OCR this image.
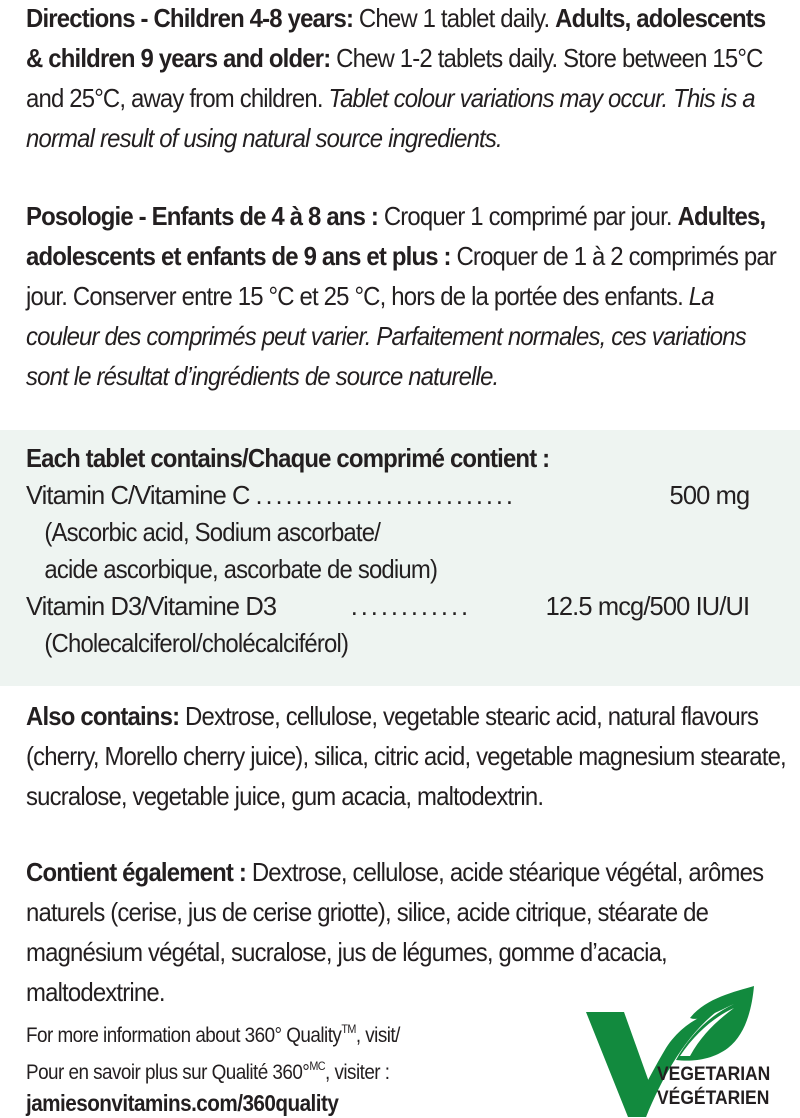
Directions - Children 4-8 years: Chew 1 tablet daily. Adults, adolescents & children 9 years and older: Chew 1-2 tablets daily. Store between 15°C and 25°C, away from children. Tablet colour variations may occur. This is a normal result of using natural source ingredients.
Posologie - Enfants de 4 à 8 ans : Croquer 1 comprimé par jour. Adultes, adolescents et enfants de 9 ans et plus : Croquer de 1 à 2 comprimés par jour. Conserver entre 15 °C et 25 °C, hors de la portée des enfants. La couleur des comprimés peut varier. Parfaitement normales, ces variations sont le résultat d’ingrédients de source naturelle.
Each tablet contains/Chaque comprimé contient :
Vitamin C/Vitamine C ..........................	500 mg
(Ascorbic acid, Sodium ascorbate/
acide ascorbique, ascorbate de sodium)
Vitamin D3/Vitamine D3	............	12.5 mcg/500 IU/UI
(Cholecalciferol/cholécalciférol)
Also contains: Dextrose, cellulose, vegetable stearic acid, natural flavours (cherry, Morello cherry juice), silica, citric acid, vegetable magnesium stearate, sucralose, vegetable juice, gum acacia, maltodextrin.
Contient également : Dextrose, cellulose, acide stéarique végétal, arômes naturels (cerise, jus de cerise griotte), silice, acide citrique, stéarate de magnésium végétal, sucralose, jus de légumes, gomme d’acacia, maltodextrine.
For more information about 360° Quality™, visit/
Pour en savoir plus sur Qualité 360°$^{MC}$, visiter :
jamiesonvitamins.com/360quality
VEGETARIAN
VÉGÉTARIEN
